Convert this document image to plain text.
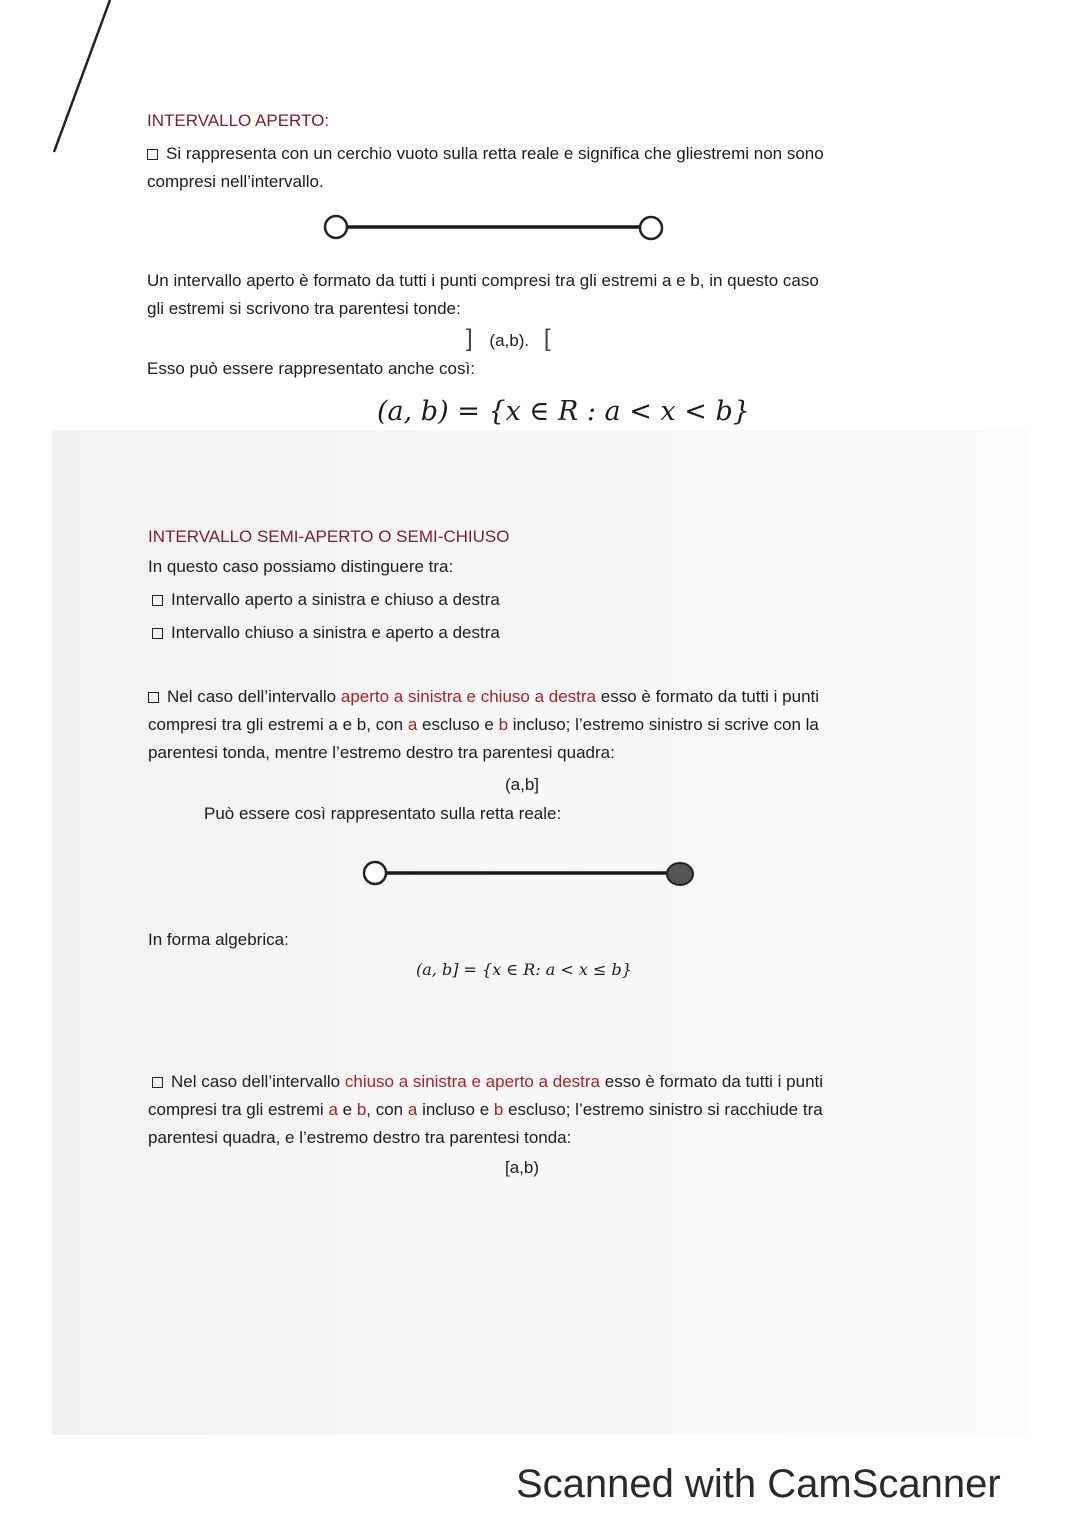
INTERVALLO APERTO:
Si rappresenta con un cerchio vuoto sulla retta reale e significa che gliestremi non sono
compresi nell’intervallo.
Un intervallo aperto è formato da tutti i punti compresi tra gli estremi a e b, in questo caso
gli estremi si scrivono tra parentesi tonde:
] (a,b). [
Esso può essere rappresentato anche così:
(a, b) = {x ∈ R : a < x < b}
INTERVALLO SEMI-APERTO O SEMI-CHIUSO
In questo caso possiamo distinguere tra:
Intervallo aperto a sinistra e chiuso a destra
Intervallo chiuso a sinistra e aperto a destra
Nel caso dell’intervallo aperto a sinistra e chiuso a destra esso è formato da tutti i punti
compresi tra gli estremi a e b, con a escluso e b incluso; l’estremo sinistro si scrive con la
parentesi tonda, mentre l’estremo destro tra parentesi quadra:
(a,b]
Può essere così rappresentato sulla retta reale:
In forma algebrica:
(a, b] = {x ∈ R: a < x ≤ b}
Nel caso dell’intervallo chiuso a sinistra e aperto a destra esso è formato da tutti i punti
compresi tra gli estremi a e b, con a incluso e b escluso; l’estremo sinistro si racchiude tra
parentesi quadra, e l’estremo destro tra parentesi tonda:
[a,b)
Scanned with CamScanner
